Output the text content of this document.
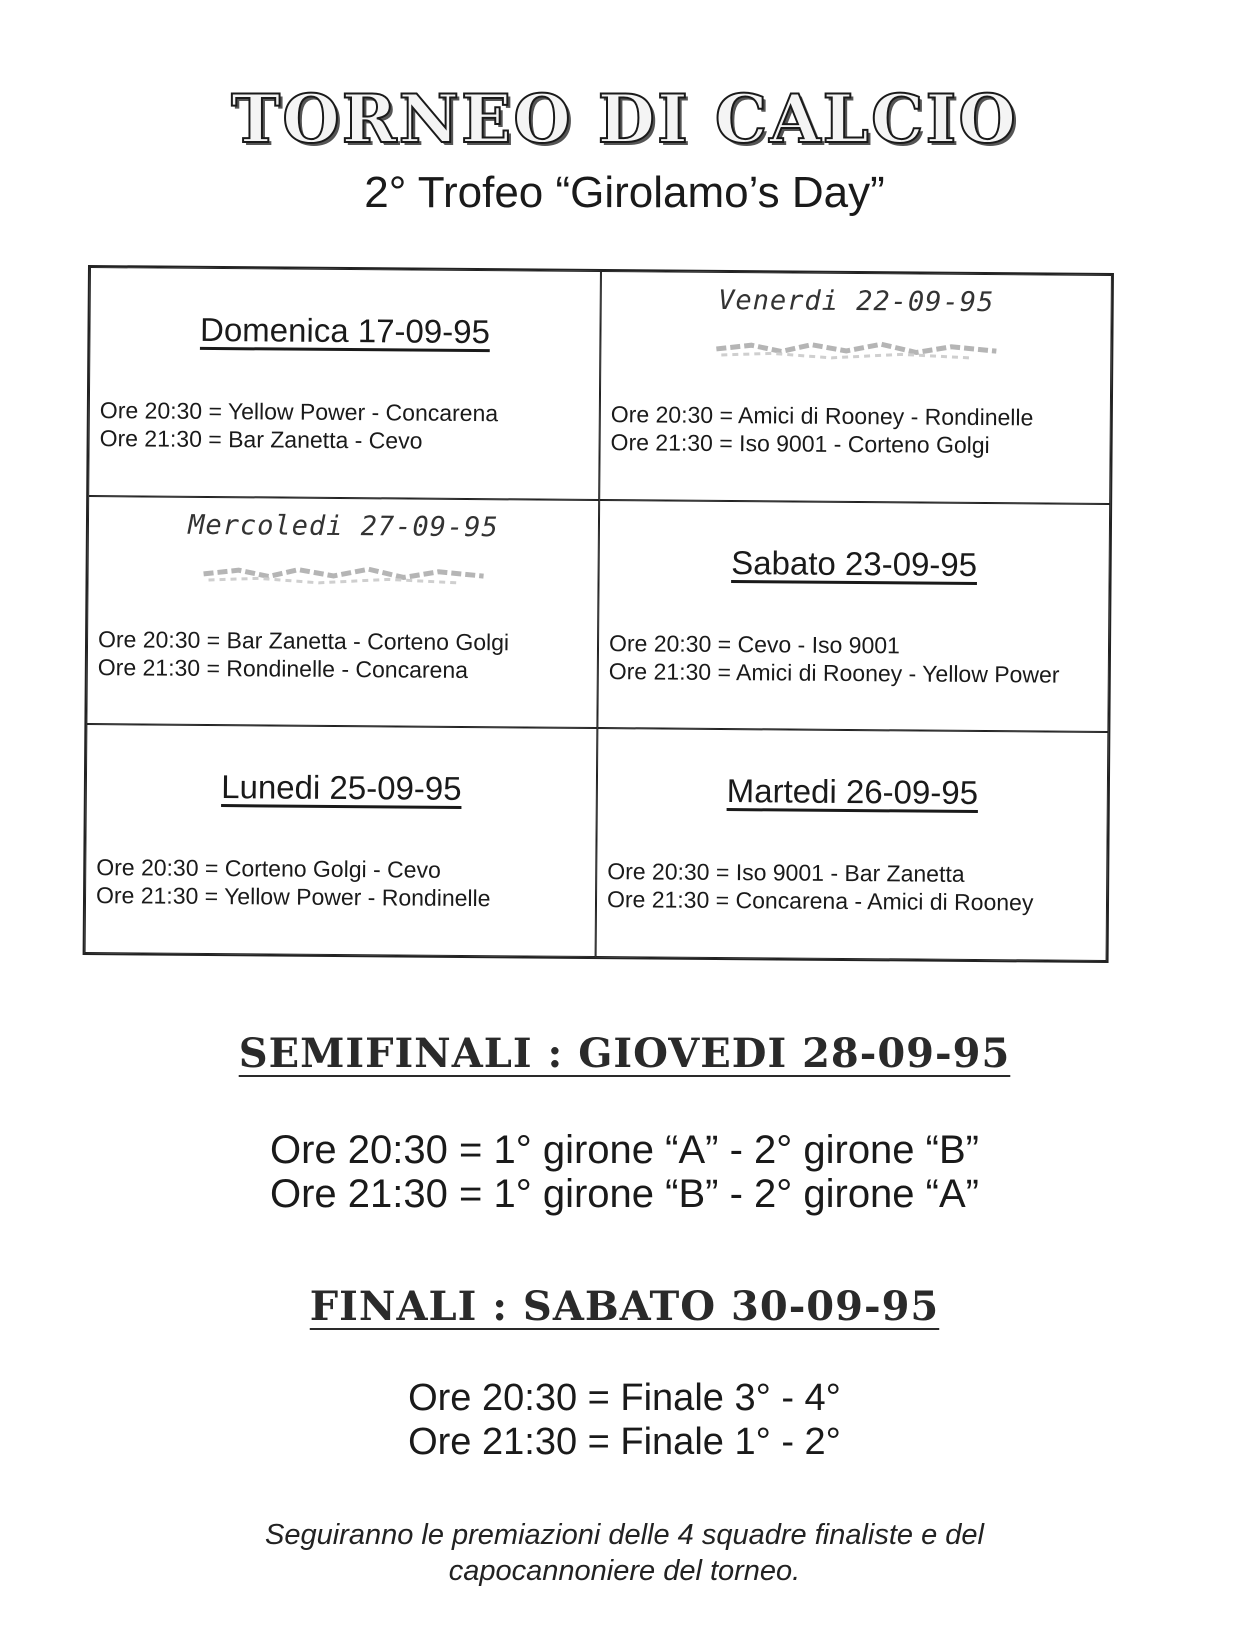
TORNEO DI CALCIO
2° Trofeo “Girolamo’s Day”
Domenica 17-09-95
Ore 20:30 = Yellow Power - Concarena
Ore 21:30 = Bar Zanetta - Cevo
Venerdi 22-09-95
Ore 20:30 = Amici di Rooney - Rondinelle
Ore 21:30 = Iso 9001 - Corteno Golgi
Mercoledi 27-09-95
Ore 20:30 = Bar Zanetta - Corteno Golgi
Ore 21:30 = Rondinelle - Concarena
Sabato 23-09-95
Ore 20:30 = Cevo - Iso 9001
Ore 21:30 = Amici di Rooney - Yellow Power
Lunedi 25-09-95
Ore 20:30 = Corteno Golgi - Cevo
Ore 21:30 = Yellow Power - Rondinelle
Martedi 26-09-95
Ore 20:30 = Iso 9001 - Bar Zanetta
Ore 21:30 = Concarena - Amici di Rooney
SEMIFINALI : GIOVEDI 28-09-95
Ore 20:30 = 1° girone “A” - 2° girone “B”
Ore 21:30 = 1° girone “B” - 2° girone “A”
FINALI : SABATO 30-09-95
Ore 20:30 = Finale 3° - 4°
Ore 21:30 = Finale 1° - 2°
Seguiranno le premiazioni delle 4 squadre finaliste e del
capocannoniere del torneo.
